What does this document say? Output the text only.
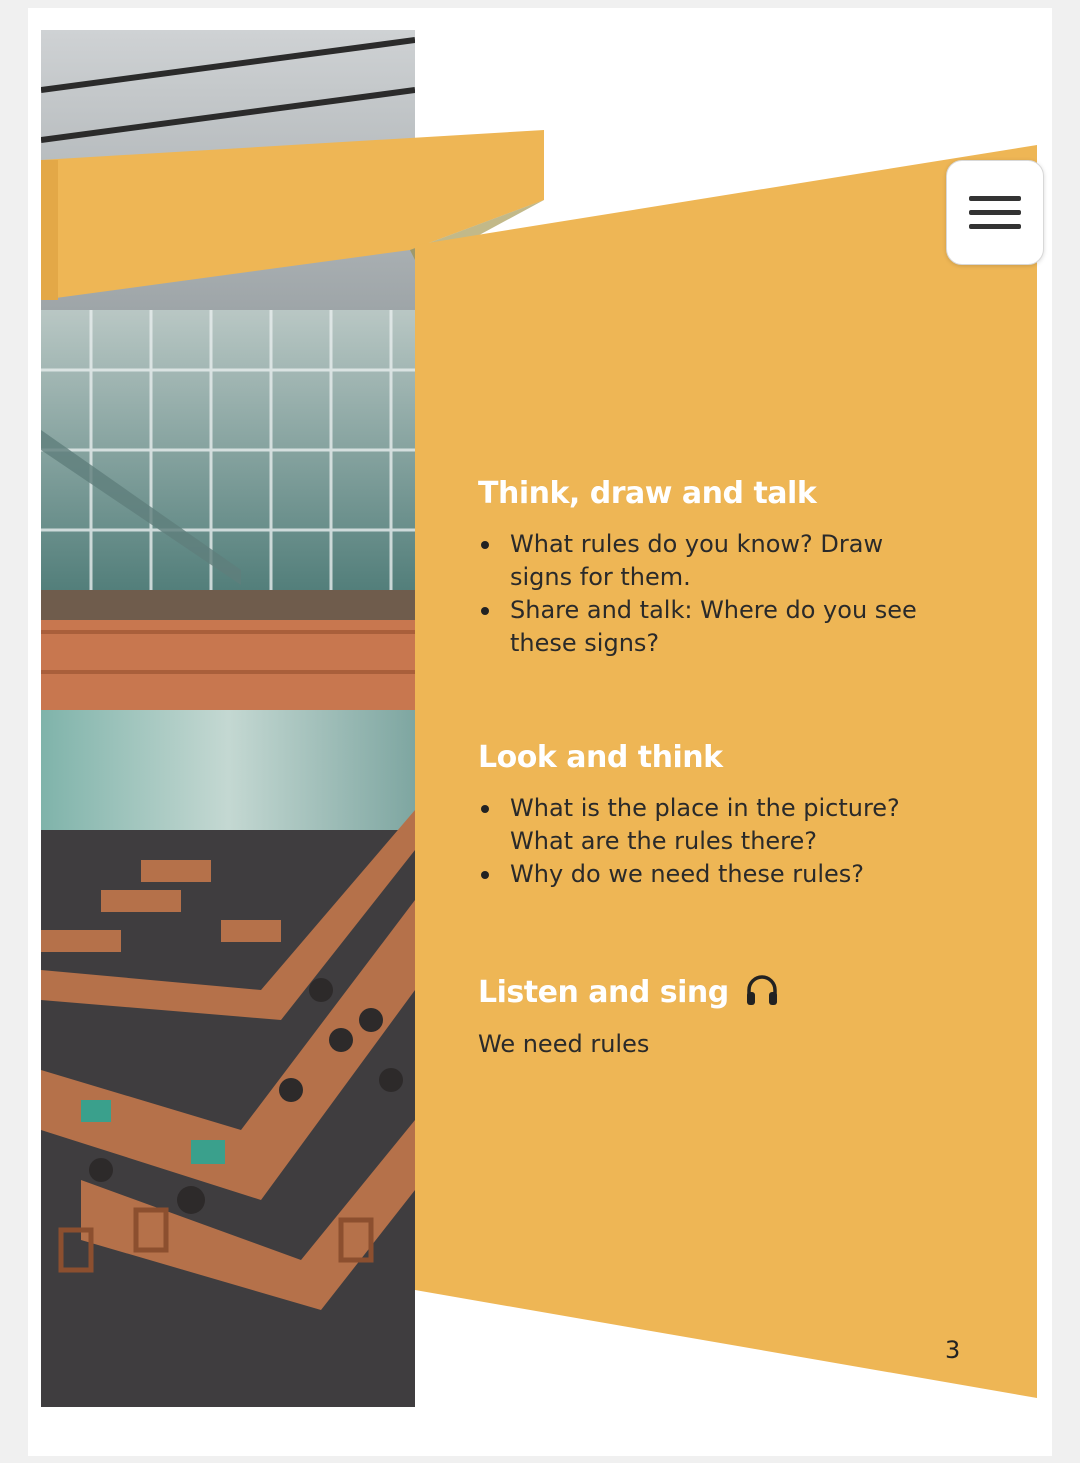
Think, draw and talk
What rules do you know? Draw signs for them.
Share and talk: Where do you see these signs?
Look and think
What is the place in the picture? What are the rules there?
Why do we need these rules?
Listen and sing
We need rules
3
